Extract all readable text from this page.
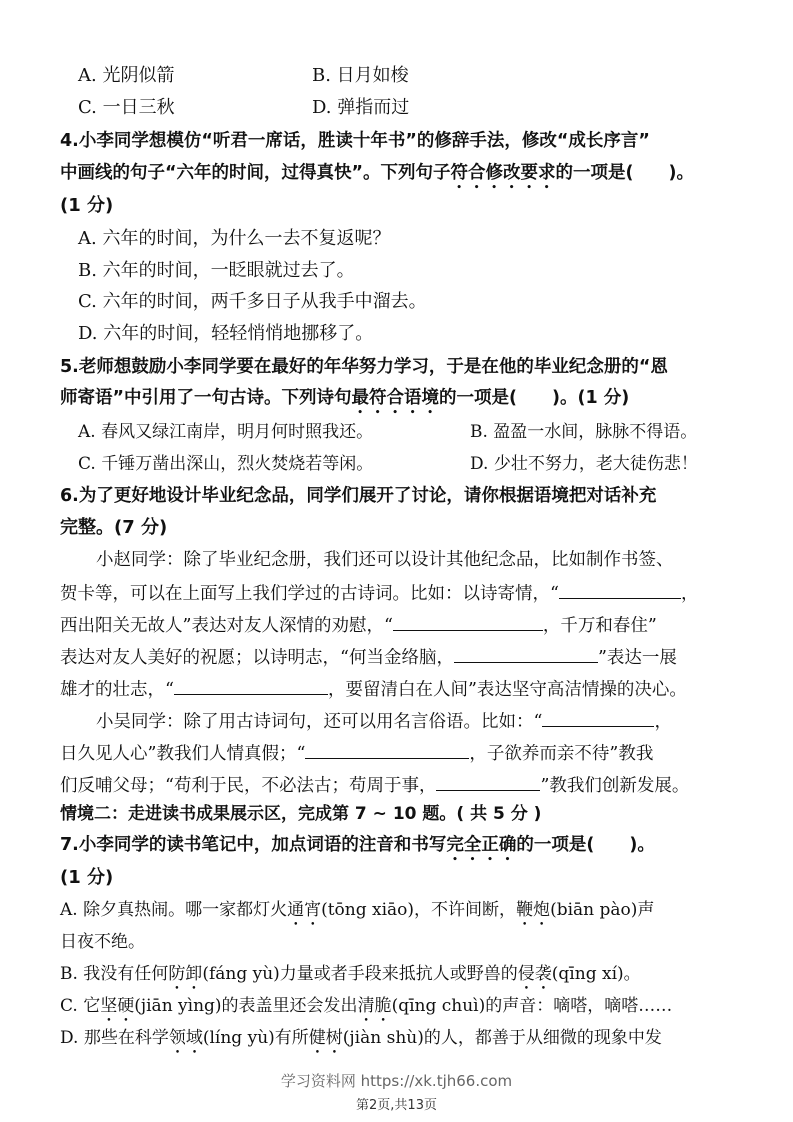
A. 光阴似箭	B. 日月如梭
C. 一日三秋	D. 弹指而过
4.小李同学想模仿“听君一席话，胜读十年书”的修辞手法，修改“成长序言”
中画线的句子“六年的时间，过得真快”。下列句子符合修改要求的一项是(　　)。
(1 分)
A. 六年的时间，为什么一去不复返呢？
B. 六年的时间，一眨眼就过去了。
C. 六年的时间，两千多日子从我手中溜去。
D. 六年的时间，轻轻悄悄地挪移了。
5.老师想鼓励小李同学要在最好的年华努力学习，于是在他的毕业纪念册的“恩
师寄语”中引用了一句古诗。下列诗句最符合语境的一项是(　　)。(1 分)
A. 春风又绿江南岸，明月何时照我还。	B. 盈盈一水间，脉脉不得语。
C. 千锤万凿出深山，烈火焚烧若等闲。	D. 少壮不努力，老大徒伤悲！
6.为了更好地设计毕业纪念品，同学们展开了讨论，请你根据语境把对话补充
完整。(7 分)
小赵同学：除了毕业纪念册，我们还可以设计其他纪念品，比如制作书签、
贺卡等，可以在上面写上我们学过的古诗词。比如：以诗寄情，“	，
西出阳关无故人”表达对友人深情的劝慰，“	，千万和春住”
表达对友人美好的祝愿；以诗明志，“何当金络脑，	”表达一展
雄才的壮志，“	，要留清白在人间”表达坚守高洁情操的决心。
小吴同学：除了用古诗词句，还可以用名言俗语。比如：“	，
日久见人心”教我们人情真假；“	，子欲养而亲不待”教我
们反哺父母；“苟利于民，不必法古；苟周于事，	”教我们创新发展。
情境二：走进读书成果展示区，完成第 7 ~ 10 题。( 共 5 分 )
7.小李同学的读书笔记中，加点词语的注音和书写完全正确的一项是(　　)。
(1 分)
A. 除夕真热闹。哪一家都灯火通宵(tōng xiāo)，不许间断，鞭炮(biān pào)声
日夜不绝。
B. 我没有任何防卸(fáng yù)力量或者手段来抵抗人或野兽的侵袭(qīng xí)。
C. 它坚硬(jiān yìng)的表盖里还会发出清脆(qīng chuì)的声音：嘀嗒，嘀嗒……
D. 那些在科学领域(líng yù)有所健树(jiàn shù)的人，都善于从细微的现象中发
学习资料网 https://xk.tjh66.com
第2页,共13页
